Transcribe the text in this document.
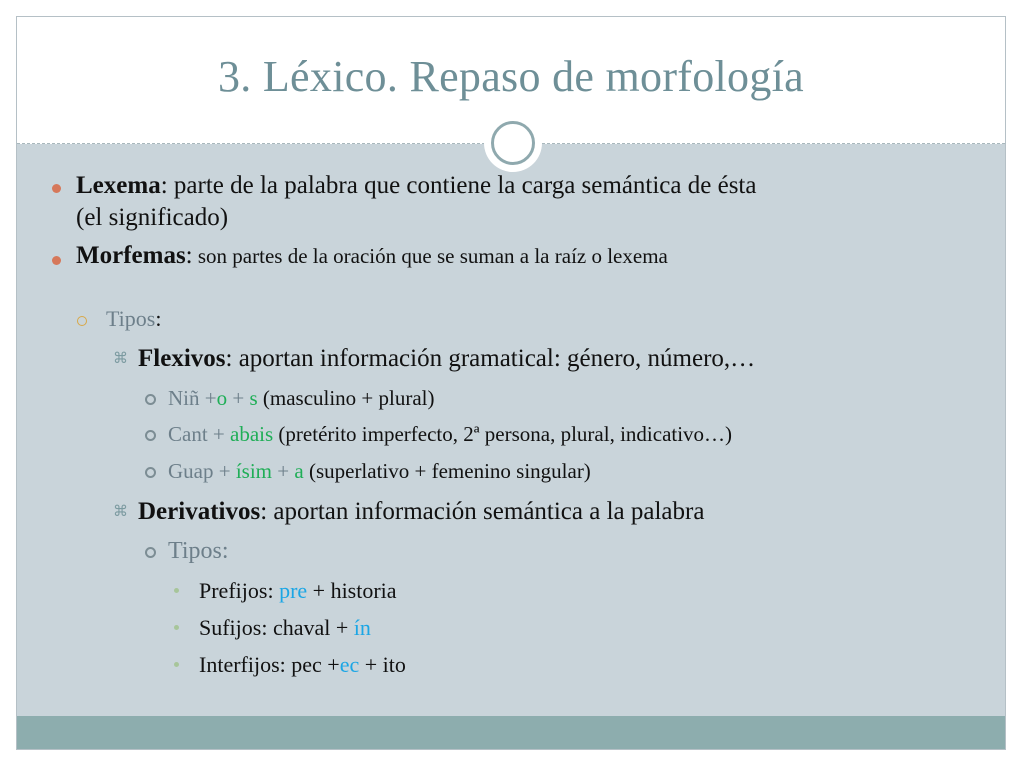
3. Léxico. Repaso de morfología
Lexema: parte de la palabra que contiene la carga semántica de ésta
(el significado)
Morfemas: son partes de la oración que se suman a la raíz o lexema
Tipos:
⌘ Flexivos: aportan información gramatical: género, número,…
Niñ +o + s (masculino + plural)
Cant + abais (pretérito imperfecto, 2ª persona, plural, indicativo…)
Guap + ísim + a (superlativo + femenino singular)
⌘ Derivativos: aportan información semántica a la palabra
Tipos:
Prefijos: pre + historia
Sufijos: chaval + ín
Interfijos: pec +ec + ito
